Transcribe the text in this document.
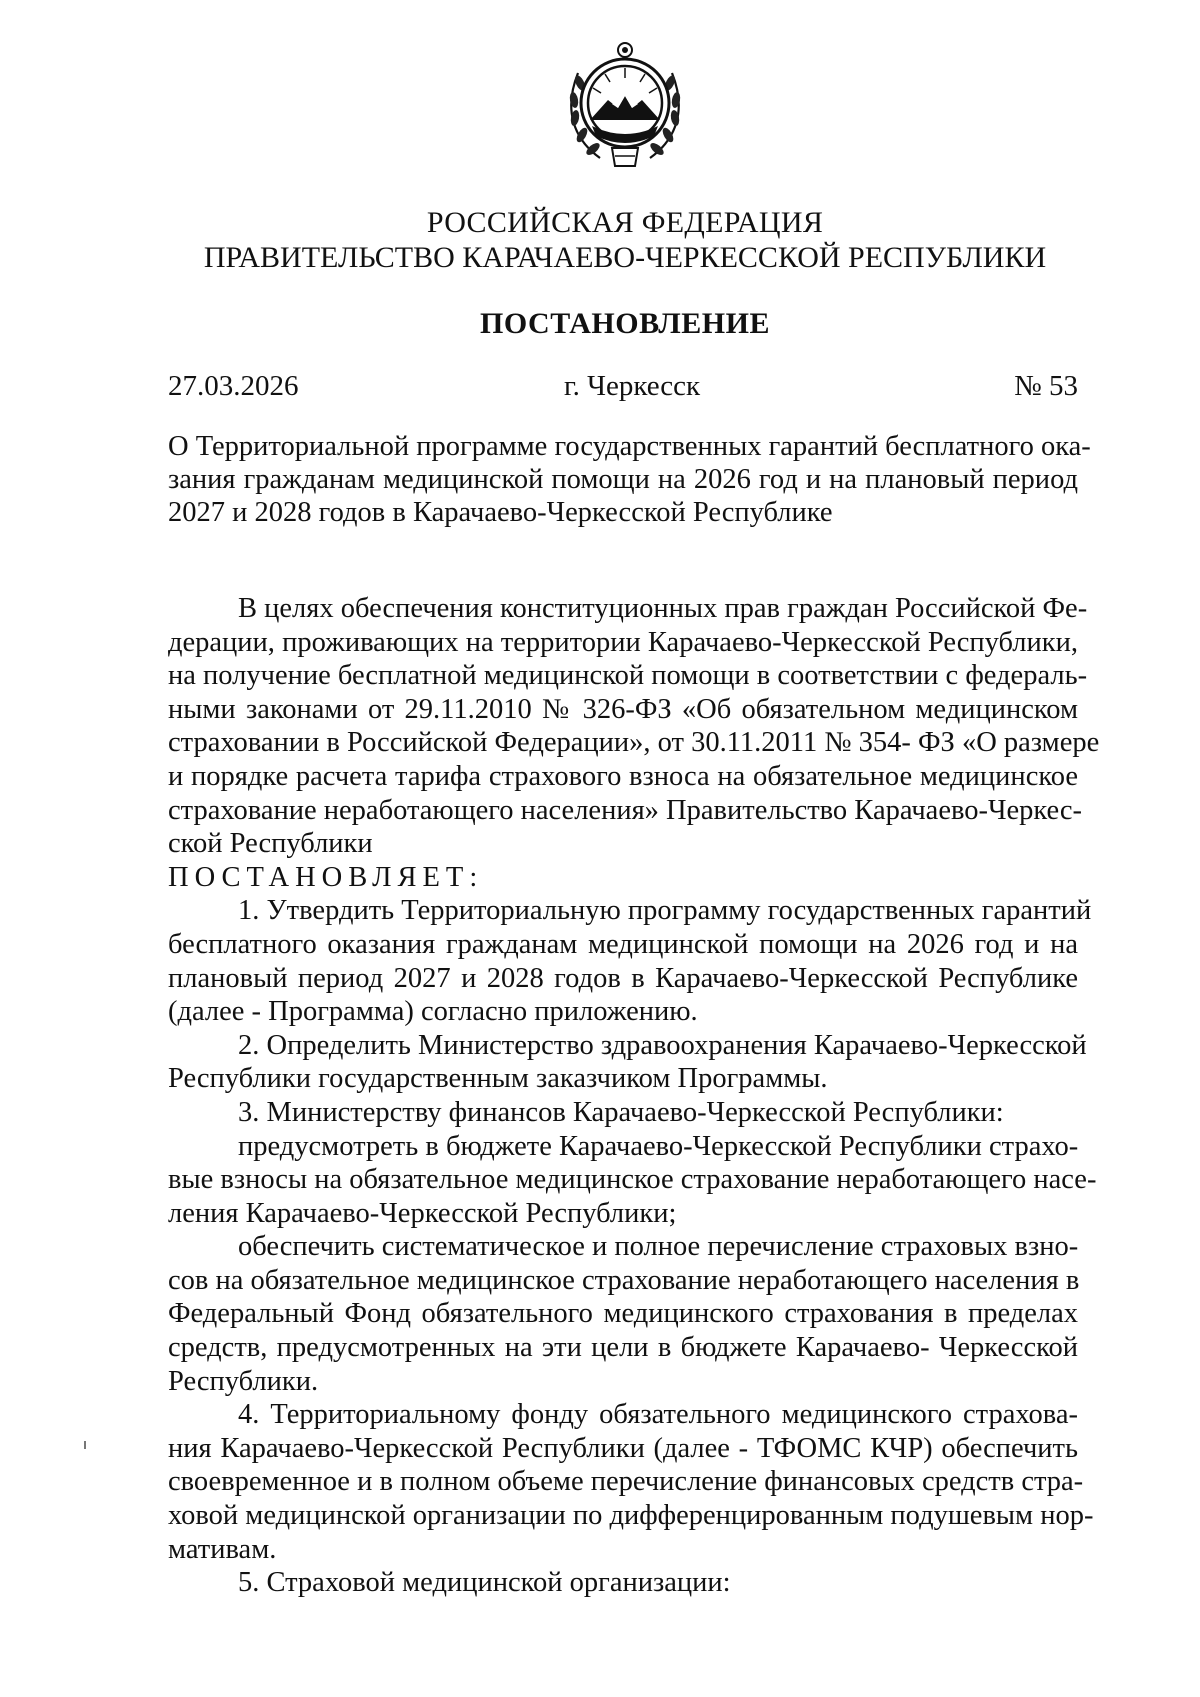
РОССИЙСКАЯ ФЕДЕРАЦИЯ
ПРАВИТЕЛЬСТВО КАРАЧАЕВО-ЧЕРКЕССКОЙ РЕСПУБЛИКИ
ПОСТАНОВЛЕНИЕ
27.03.2026	г. Черкесск	№ 53
О Территориальной программе государственных гарантий бесплатного ока-
зания гражданам медицинской помощи на 2026 год и на плановый период
2027 и 2028 годов в Карачаево-Черкесской Республике
В целях обеспечения конституционных прав граждан Российской Фе-
дерации, проживающих на территории Карачаево-Черкесской Республики,
на получение бесплатной медицинской помощи в соответствии с федераль-
ными законами от 29.11.2010 № 326-ФЗ «Об обязательном медицинском
страховании в Российской Федерации», от 30.11.2011 № 354- ФЗ «О размере
и порядке расчета тарифа страхового взноса на обязательное медицинское
страхование неработающего населения» Правительство Карачаево-Черкес-
ской Республики
ПОСТАНОВЛЯЕТ:
1. Утвердить Территориальную программу государственных гарантий
бесплатного оказания гражданам медицинской помощи на 2026 год и на
плановый период 2027 и 2028 годов в Карачаево-Черкесской Республике
(далее - Программа) согласно приложению.
2. Определить Министерство здравоохранения Карачаево-Черкесской
Республики государственным заказчиком Программы.
3. Министерству финансов Карачаево-Черкесской Республики:
предусмотреть в бюджете Карачаево-Черкесской Республики страхо-
вые взносы на обязательное медицинское страхование неработающего насе-
ления Карачаево-Черкесской Республики;
обеспечить систематическое и полное перечисление страховых взно-
сов на обязательное медицинское страхование неработающего населения в
Федеральный Фонд обязательного медицинского страхования в пределах
средств, предусмотренных на эти цели в бюджете Карачаево- Черкесской
Республики.
4. Территориальному фонду обязательного медицинского страхова-
ния Карачаево-Черкесской Республики (далее - ТФОМС КЧР) обеспечить
своевременное и в полном объеме перечисление финансовых средств стра-
ховой медицинской организации по дифференцированным подушевым нор-
мативам.
5. Страховой медицинской организации:
